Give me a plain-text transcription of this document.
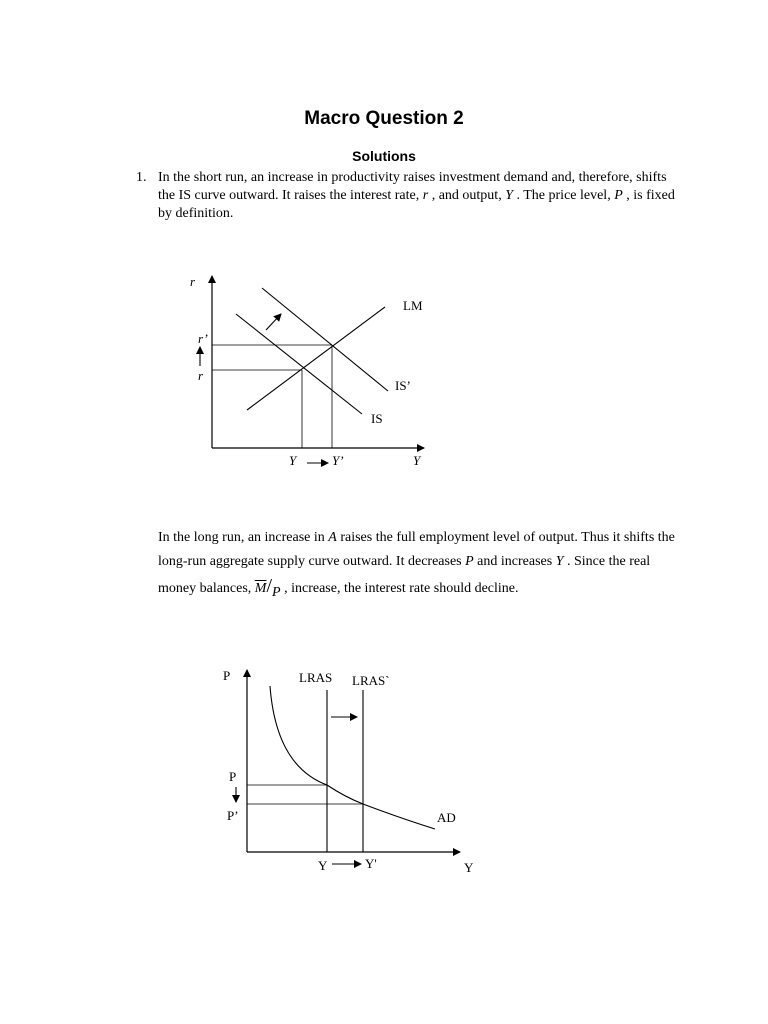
Macro Question 2
Solutions
1. In the short run, an increase in productivity raises investment demand and, therefore, shifts the IS curve outward. It raises the interest rate, r , and output, Y . The price level, P , is fixed by definition.

In the long run, an increase in A raises the full employment level of output. Thus it shifts the long-run aggregate supply curve outward. It decreases P and increases Y . Since the real money balances, $\overline{M}/P$ , increase, the interest rate should decline.

r
Y
r’
r
Y	Y’
LM
IS’
IS
P
Y
LRAS LRAS`
P
P’	AD
Y	Y'
